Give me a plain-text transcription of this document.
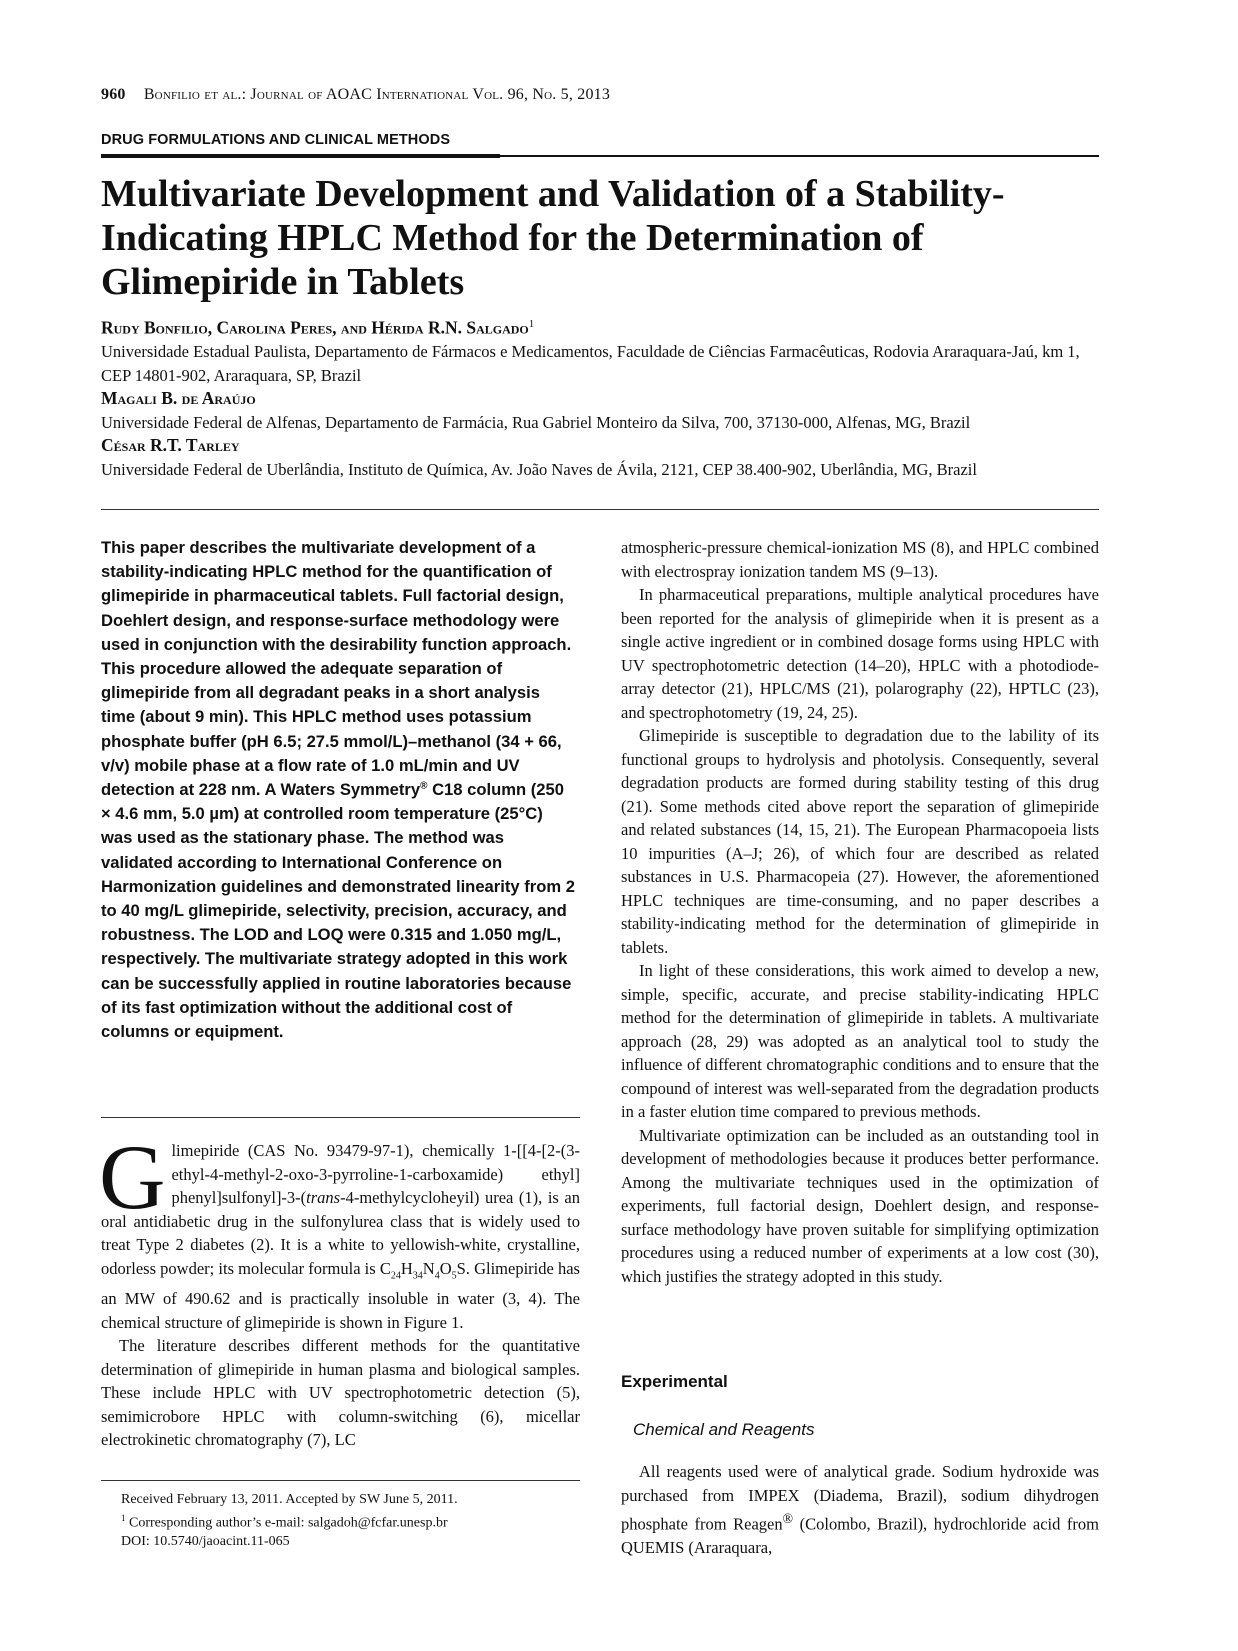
960 Bonfilio et al.: Journal of AOAC International Vol. 96, No. 5, 2013
DRUG FORMULATIONS AND CLINICAL METHODS
Multivariate Development and Validation of a Stability-Indicating HPLC Method for the Determination of Glimepiride in Tablets
Rudy Bonfilio, Carolina Peres, and Hérida R.N. Salgado$^1$
Universidade Estadual Paulista, Departamento de Fármacos e Medicamentos, Faculdade de Ciências Farmacêuticas, Rodovia Araraquara-Jaú, km 1, CEP 14801-902, Araraquara, SP, Brazil
Magali B. de Araújo
Universidade Federal de Alfenas, Departamento de Farmácia, Rua Gabriel Monteiro da Silva, 700, 37130-000, Alfenas, MG, Brazil
César R.T. Tarley
Universidade Federal de Uberlândia, Instituto de Química, Av. João Naves de Ávila, 2121, CEP 38.400-902, Uberlândia, MG, Brazil
This paper describes the multivariate development of a stability-indicating HPLC method for the quantification of glimepiride in pharmaceutical tablets. Full factorial design, Doehlert design, and response-surface methodology were used in conjunction with the desirability function approach. This procedure allowed the adequate separation of glimepiride from all degradant peaks in a short analysis time (about 9 min). This HPLC method uses potassium phosphate buffer (pH 6.5; 27.5 mmol/L)–methanol (34 + 66, v/v) mobile phase at a flow rate of 1.0 mL/min and UV detection at 228 nm. A Waters Symmetry® C18 column (250 × 4.6 mm, 5.0 µm) at controlled room temperature (25°C) was used as the stationary phase. The method was validated according to International Conference on Harmonization guidelines and demonstrated linearity from 2 to 40 mg/L glimepiride, selectivity, precision, accuracy, and robustness. The LOD and LOQ were 0.315 and 1.050 mg/L, respectively. The multivariate strategy adopted in this work can be successfully applied in routine laboratories because of its fast optimization without the additional cost of columns or equipment.

Glimepiride (CAS No. 93479-97-1), chemically 1-[[4-[2-(3-ethyl-4-methyl-2-oxo-3-pyrroline-1-carboxamide) ethyl] phenyl]sulfonyl]-3-(trans-4-methylcycloheyil) urea (1), is an oral antidiabetic drug in the sulfonylurea class that is widely used to treat Type 2 diabetes (2). It is a white to yellowish-white, crystalline, odorless powder; its molecular formula is $C_{24}H_{34}N_4O_5S$. Glimepiride has an MW of 490.62 and is practically insoluble in water (3, 4). The chemical structure of glimepiride is shown in Figure 1.

The literature describes different methods for the quantitative determination of glimepiride in human plasma and biological samples. These include HPLC with UV spectrophotometric detection (5), semimicrobore HPLC with column-switching (6), micellar electrokinetic chromatography (7), LC

atmospheric-pressure chemical-ionization MS (8), and HPLC combined with electrospray ionization tandem MS (9–13).

In pharmaceutical preparations, multiple analytical procedures have been reported for the analysis of glimepiride when it is present as a single active ingredient or in combined dosage forms using HPLC with UV spectrophotometric detection (14–20), HPLC with a photodiode-array detector (21), HPLC/MS (21), polarography (22), HPTLC (23), and spectrophotometry (19, 24, 25).

Glimepiride is susceptible to degradation due to the lability of its functional groups to hydrolysis and photolysis. Consequently, several degradation products are formed during stability testing of this drug (21). Some methods cited above report the separation of glimepiride and related substances (14, 15, 21). The European Pharmacopoeia lists 10 impurities (A–J; 26), of which four are described as related substances in U.S. Pharmacopeia (27). However, the aforementioned HPLC techniques are time-consuming, and no paper describes a stability-indicating method for the determination of glimepiride in tablets.

In light of these considerations, this work aimed to develop a new, simple, specific, accurate, and precise stability-indicating HPLC method for the determination of glimepiride in tablets. A multivariate approach (28, 29) was adopted as an analytical tool to study the influence of different chromatographic conditions and to ensure that the compound of interest was well-separated from the degradation products in a faster elution time compared to previous methods.

Multivariate optimization can be included as an outstanding tool in development of methodologies because it produces better performance. Among the multivariate techniques used in the optimization of experiments, full factorial design, Doehlert design, and response-surface methodology have proven suitable for simplifying optimization procedures using a reduced number of experiments at a low cost (30), which justifies the strategy adopted in this study.

Experimental
Chemical and Reagents

All reagents used were of analytical grade. Sodium hydroxide was purchased from IMPEX (Diadema, Brazil), sodium dihydrogen phosphate from Reagen® (Colombo, Brazil), hydrochloride acid from QUEMIS (Araraquara,

Received February 13, 2011. Accepted by SW June 5, 2011.
$^1$ Corresponding author’s e-mail: salgadoh@fcfar.unesp.br
DOI: 10.5740/jaoacint.11-065
